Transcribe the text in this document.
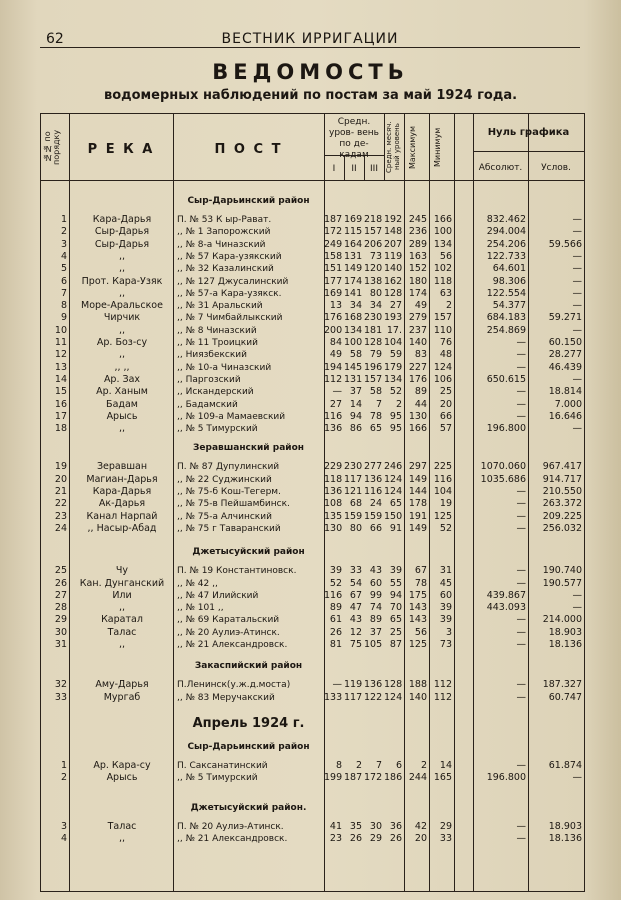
62	ВЕСТНИК ИРРИГАЦИИ
ВЕДОМОСТЬ
водомерных наблюдений по постам за май 1924 года.
№№ по порядку	Р Е К А	П О С Т
Средн. уров- вень по де- кадам
I	II	III	Средн. месяч. ный уровень Максимум	Минимум	Нуль графика
Абсолют.	Услов.
Сыр-Дарьинский район
1	Кара-Дарья	П. № 53 К ыр-Рават.	187 169 218 192 245 166	832.462	—
2	Сыр-Дарья	,, № 1 Запорожский	172 115 157 148 236 100	294.004	—
3	Сыр-Дарья	,, № 8-а Чиназский	249 164 206 207 289 134	254.206	59.566
4	,,	,, № 57 Кара-узякский	158 131 73 119 163	56	122.733	—
5	,,	,, № 32 Казалинский	151 149 120 140 152 102	64.601	—
6	Прот. Кара-Узяк	,, № 127 Джусалинский	177 174 138 162 180 118	98.306	—
7	,,	,, № 57-а Кара-узякск.	169 141 80 128 174	63	122.554	—
8	Море-Аральское	,, № 31 Аральский	13 34 34 27	49	2	54.377	—
9	Чирчик	,, № 7 Чимбайлыкский	176 168 230 193 279 157	684.183	59.271
10	,,	,, № 8 Чиназский	200 134 181 17. 237 110	254.869	—
11	Ар. Боз-су	,, № 11 Троицкий	84 100 128 104 140	76	—	60.150
12	,,	,, Ниязбекский	49 58 79 59	83	48	—	28.277
13	,, ,,	,, № 10-а Чиназский	194 145 196 179 227 124	—	46.439
14	Ар. Зах	,, Паргозский	112 131 157 134 176 106	650.615	—
15	Ар. Ханым	,, Искандерский	— 37 58 52	89	25	—	18.814
16	Бадам	,, Бадамский	27 14	7	2	44	20	—	7.000
17	Арысь	,, № 109-а Мамаевский	116 94 78 95 130	66	—	16.646
18	,,	,, № 5 Тимурский	136 86 65 95 166	57	196.800	—
Зеравшанский район
19	Зеравшан	П. № 87 Дупулинский	229 230 277 246 297 225	1070.060	967.417
20	Магиан-Дарья	,, № 22 Суджинский	118 117 136 124 149 116	1035.686	914.717
21	Кара-Дарья	,, № 75-б Кош-Тегерм.	136 121 116 124 144 104	—	210.550
22	Ак-Дарья	,, № 75-в Пейшамбинск.	108 68 24 65 178	19	—	263.372
23	Канал Нарпай	,, № 75-а Алчинский	135 159 159 150 191 125	—	209.225
24	,, Насыр-Абад	,, № 75 г Таваранский	130 80 66 91 149	52	—	256.032
Джетысуйский район
25	Чу	П. № 19 Константиновск.	39 33 43 39	67	31	—	190.740
26	Кан. Дунганский	,, № 42 ,,	52 54 60 55	78	45	—	190.577
27	Или	,, № 47 Илийский	116 67 99 94 175	60	439.867	—
28	,,	,, № 101 ,,	89 47 74 70 143	39	443.093	—
29	Каратал	,, № 69 Каратальский	61 43 89 65 143	39	—	214.000
30	Талас	,, № 20 Аулиэ-Атинск.	26 12 37 25	56	3	—	18.903
31	,,	,, № 21 Александровск.	81 75 105 87 125	73	—	18.136
Закаспийский район
32	Аму-Дарья	П.Ленинск(у.ж.д.моста)	— 119 136 128 188 112	—	187.327
33	Мургаб	,, № 83 Меручакский	133 117 122 124 140 112	—	60.747
Апрель 1924 г.
Сыр-Дарьинский район
1	Ар. Кара-су	П. Саксанатинский	8	2	7	6	2	14	—	61.874
2	Арысь	,, № 5 Тимурский	199 187 172 186 244 165	196.800	—
Джетысуйский район.
3	Талас	П. № 20 Аулиэ-Атинск.	41 35 30 36	42	29	—	18.903
4	,,	,, № 21 Александровск.	23 26 29 26	20	33	—	18.136
